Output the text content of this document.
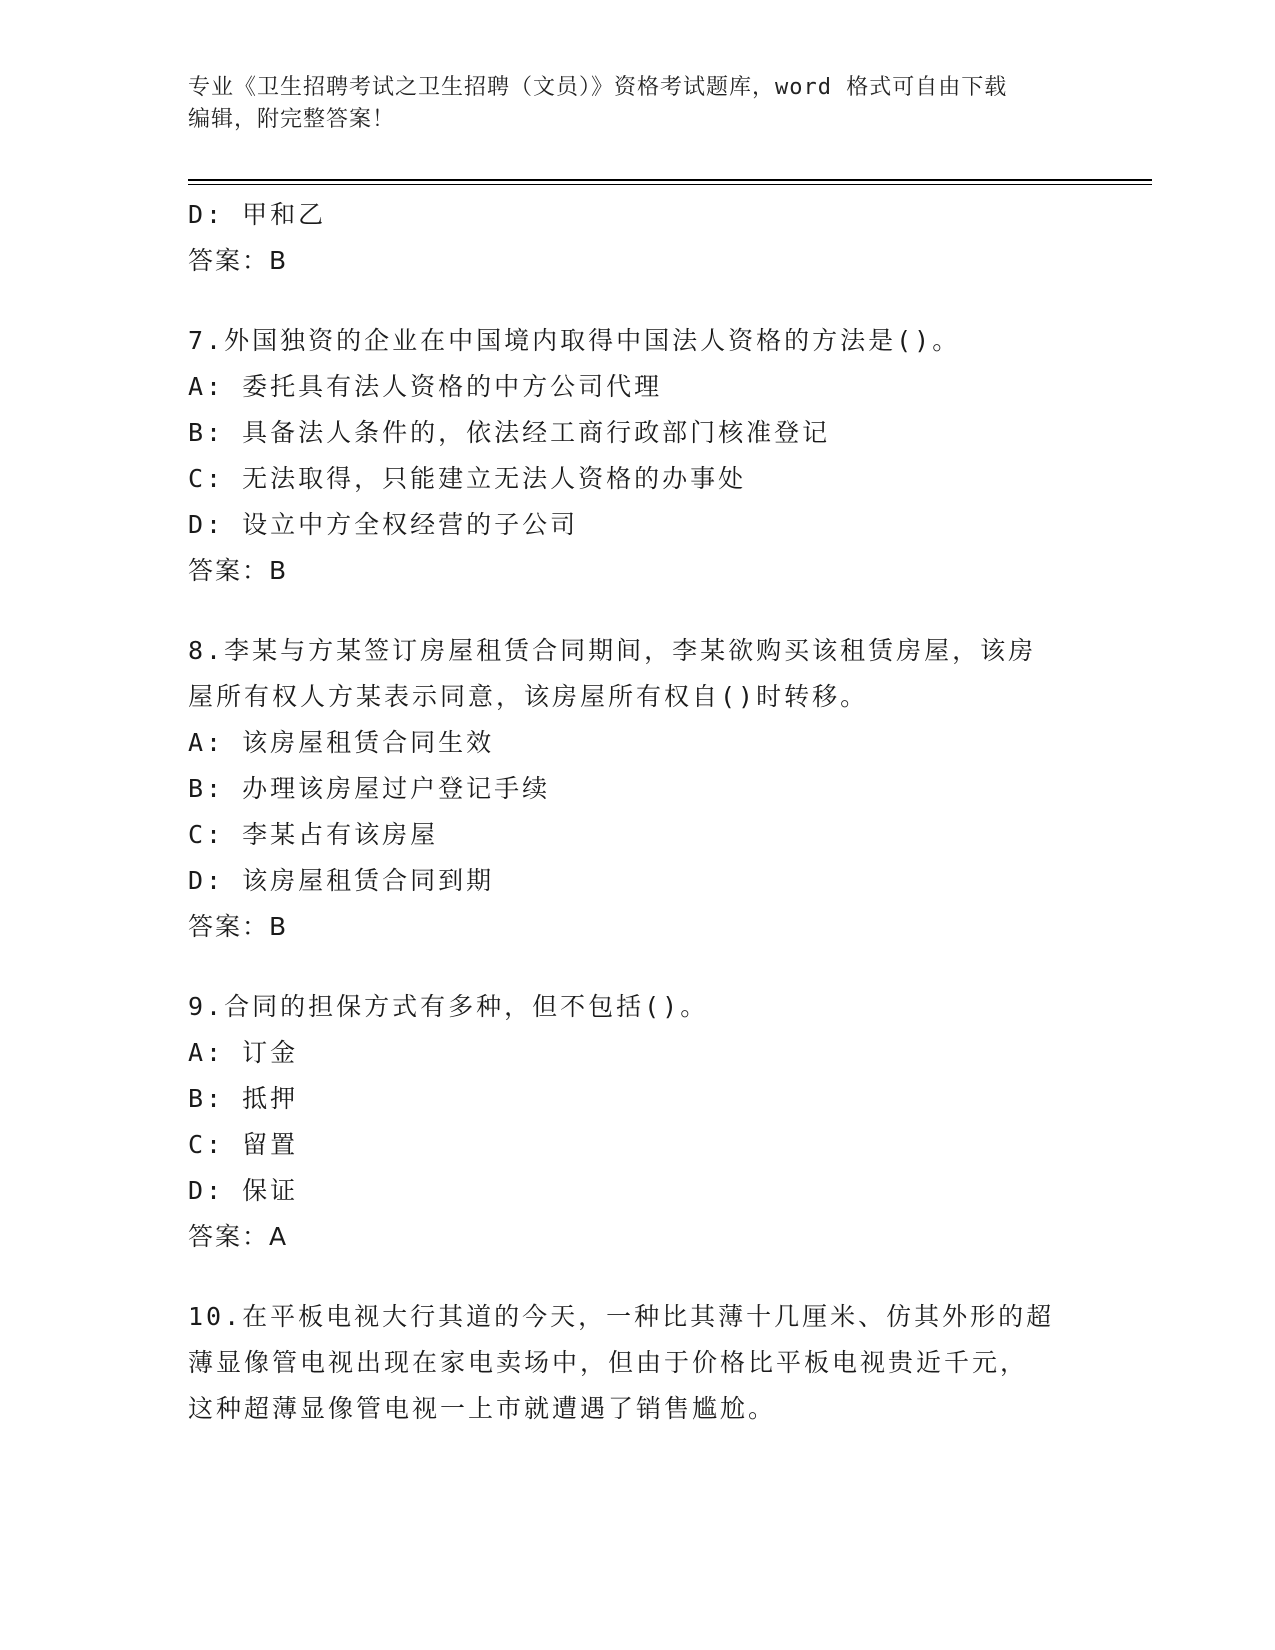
专业《卫生招聘考试之卫生招聘（文员）》资格考试题库，word 格式可自由下载
编辑，附完整答案！
D: 甲和乙
答案：B
7.外国独资的企业在中国境内取得中国法人资格的方法是()。
A: 委托具有法人资格的中方公司代理
B: 具备法人条件的，依法经工商行政部门核准登记
C: 无法取得，只能建立无法人资格的办事处
D: 设立中方全权经营的子公司
答案：B
8.李某与方某签订房屋租赁合同期间，李某欲购买该租赁房屋，该房
屋所有权人方某表示同意，该房屋所有权自()时转移。
A: 该房屋租赁合同生效
B: 办理该房屋过户登记手续
C: 李某占有该房屋
D: 该房屋租赁合同到期
答案：B
9.合同的担保方式有多种，但不包括()。
A: 订金
B: 抵押
C: 留置
D: 保证
答案：A
10.在平板电视大行其道的今天，一种比其薄十几厘米、仿其外形的超
薄显像管电视出现在家电卖场中，但由于价格比平板电视贵近千元，
这种超薄显像管电视一上市就遭遇了销售尴尬。
